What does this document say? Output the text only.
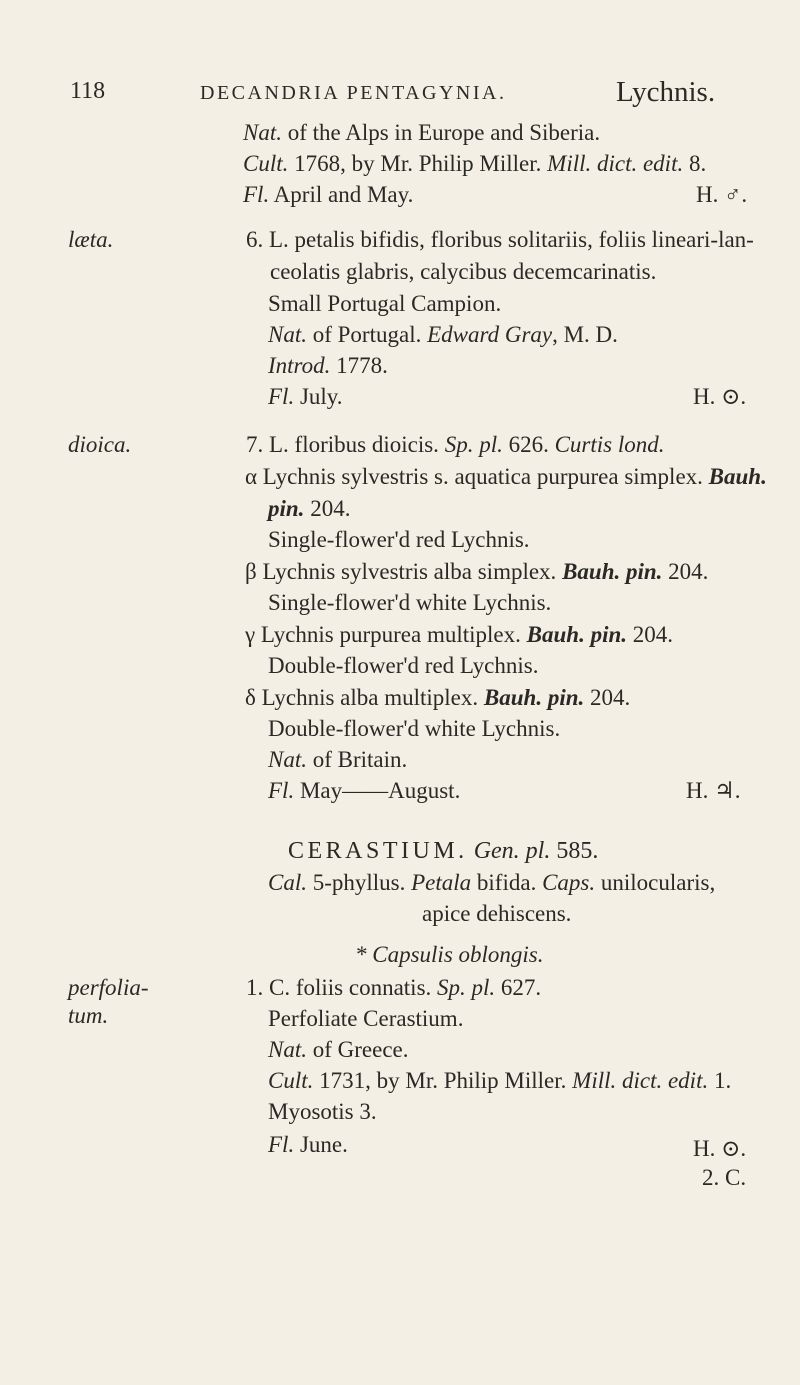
118	DECANDRIA PENTAGYNIA.	Lychnis.
Nat. of the Alps in Europe and Siberia.
Cult. 1768, by Mr. Philip Miller. Mill. dict. edit. 8.
Fl. April and May.	H. ♂.
læta.	6. L. petalis bifidis, floribus solitariis, foliis lineari-lan-
ceolatis glabris, calycibus decemcarinatis.
Small Portugal Campion.
Nat. of Portugal. Edward Gray, M. D.
Introd. 1778.
Fl. July.	H. ⊙.
dioica.	7. L. floribus dioicis. Sp. pl. 626. Curtis lond.
α Lychnis sylvestris s. aquatica purpurea simplex. Bauh.
pin. 204.
Single-flower'd red Lychnis.
β Lychnis sylvestris alba simplex. Bauh. pin. 204.
Single-flower'd white Lychnis.
γ Lychnis purpurea multiplex. Bauh. pin. 204.
Double-flower'd red Lychnis.
δ Lychnis alba multiplex. Bauh. pin. 204.
Double-flower'd white Lychnis.
Nat. of Britain.
Fl. May——August.	H. ♃.
CERASTIUM. Gen. pl. 585.
Cal. 5-phyllus. Petala bifida. Caps. unilocularis,
apice dehiscens.
* Capsulis oblongis.
perfolia-
tum.
1. C. foliis connatis. Sp. pl. 627.
Perfoliate Cerastium.
Nat. of Greece.
Cult. 1731, by Mr. Philip Miller. Mill. dict. edit. 1.
Myosotis 3.
Fl. June.	H. ⊙.
2. C.
